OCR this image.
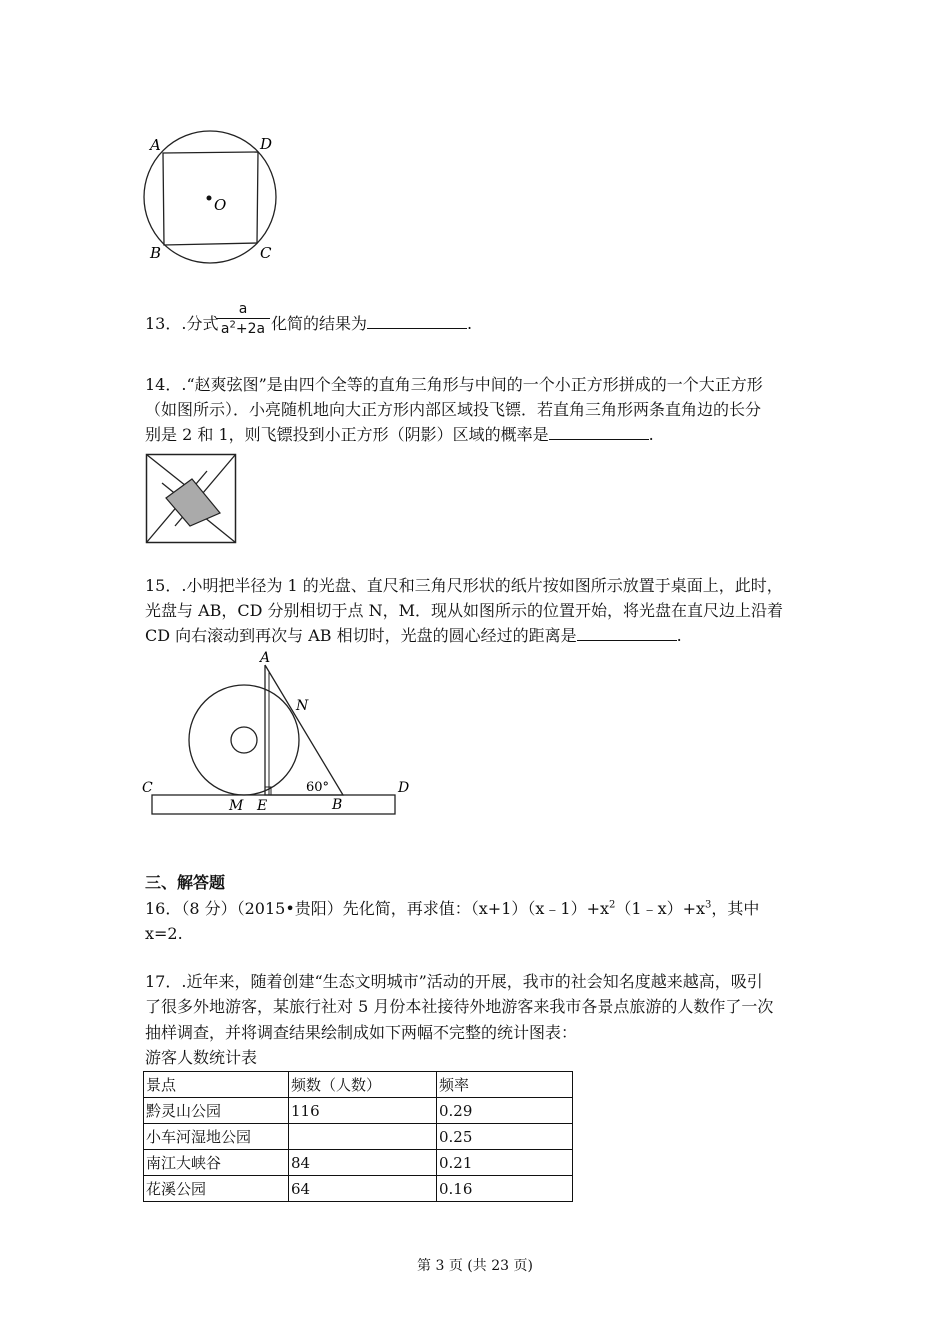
A	D
O
B	C
13．.分式
$\frac{a}{a^2+2a}$ 化简的结果为	.
14．.“赵爽弦图”是由四个全等的直角三角形与中间的一个小正方形拼成的一个大正方形
（如图所示）．小亮随机地向大正方形内部区域投飞镖．若直角三角形两条直角边的长分
别是 2 和 1，则飞镖投到小正方形（阴影）区域的概率是	.
15．.小明把半径为 1 的光盘、直尺和三角尺形状的纸片按如图所示放置于桌面上，此时，
光盘与 AB，CD 分别相切于点 N，M．现从如图所示的位置开始，将光盘在直尺边上沿着
CD 向右滚动到再次与 AB 相切时，光盘的圆心经过的距离是	.
A
N
C	D
60°
M E	B
三、解答题
16．（8 分）（2015•贵阳）先化简，再求值：$(x+1)(x﹣1)+x^2(1﹣x)+x^3$，其中
x=2.
17．.近年来，随着创建“生态文明城市”活动的开展，我市的社会知名度越来越高，吸引
了很多外地游客，某旅行社对 5 月份本社接待外地游客来我市各景点旅游的人数作了一次
抽样调查，并将调查结果绘制成如下两幅不完整的统计图表：
游客人数统计表
景点	频数（人数）	频率
黔灵山公园	116	0.29
小车河湿地公园		0.25
南江大峡谷	84	0.21
花溪公园	64	0.16
第 3 页 (共 23 页)
